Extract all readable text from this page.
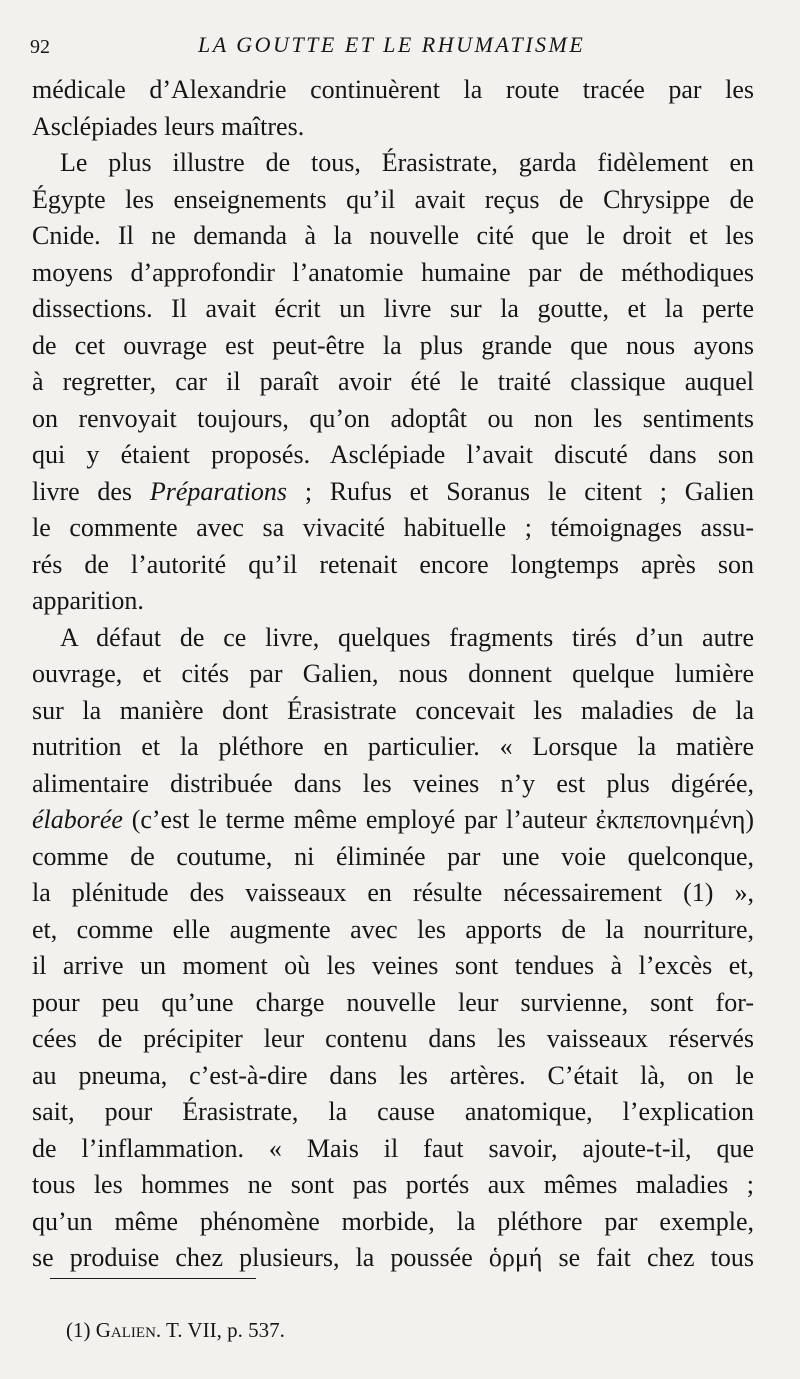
92	LA GOUTTE ET LE RHUMATISME
médicale d’Alexandrie continuèrent la route tracée par les
Asclépiades leurs maîtres.
Le plus illustre de tous, Érasistrate, garda fidèlement en
Égypte les enseignements qu’il avait reçus de Chrysippe de
Cnide. Il ne demanda à la nouvelle cité que le droit et les
moyens d’approfondir l’anatomie humaine par de méthodiques
dissections. Il avait écrit un livre sur la goutte, et la perte
de cet ouvrage est peut-être la plus grande que nous ayons
à regretter, car il paraît avoir été le traité classique auquel
on renvoyait toujours, qu’on adoptât ou non les sentiments
qui y étaient proposés. Asclépiade l’avait discuté dans son
livre des Préparations ; Rufus et Soranus le citent ; Galien
le commente avec sa vivacité habituelle ; témoignages assu-
rés de l’autorité qu’il retenait encore longtemps après son
apparition.
A défaut de ce livre, quelques fragments tirés d’un autre
ouvrage, et cités par Galien, nous donnent quelque lumière
sur la manière dont Érasistrate concevait les maladies de la
nutrition et la pléthore en particulier. « Lorsque la matière
alimentaire distribuée dans les veines n’y est plus digérée,
élaborée (c’est le terme même employé par l’auteur ἐκπεπονημένη)
comme de coutume, ni éliminée par une voie quelconque,
la plénitude des vaisseaux en résulte nécessairement (1) »,
et, comme elle augmente avec les apports de la nourriture,
il arrive un moment où les veines sont tendues à l’excès et,
pour peu qu’une charge nouvelle leur survienne, sont for-
cées de précipiter leur contenu dans les vaisseaux réservés
au pneuma, c’est-à-dire dans les artères. C’était là, on le
sait, pour Érasistrate, la cause anatomique, l’explication
de l’inflammation. « Mais il faut savoir, ajoute-t-il, que
tous les hommes ne sont pas portés aux mêmes maladies ;
qu’un même phénomène morbide, la pléthore par exemple,
se produise chez plusieurs, la poussée ὁρμή se fait chez tous
(1) Galien. T. VII, p. 537.
